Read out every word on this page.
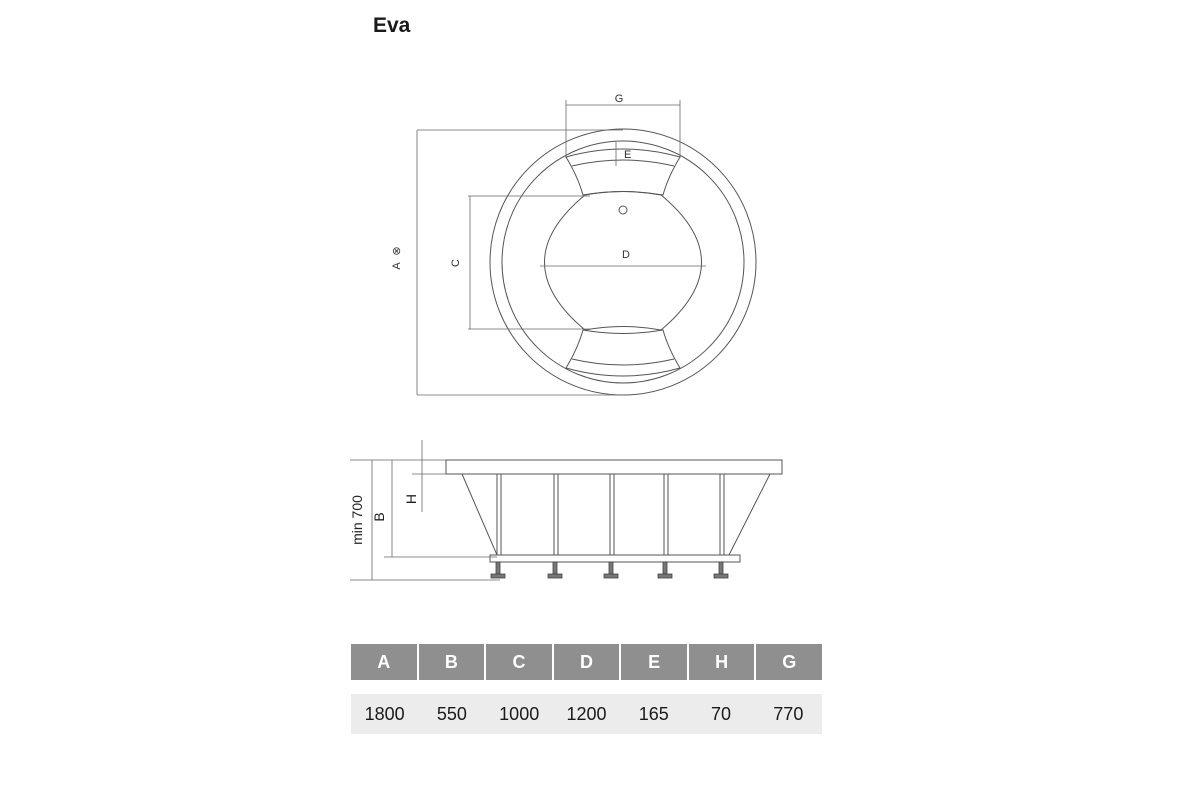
Eva
A
⊗
C
D
E
G
min 700 B
H
A	B	C	D	E	H	G
1800	550	1000	1200	165	70	770
